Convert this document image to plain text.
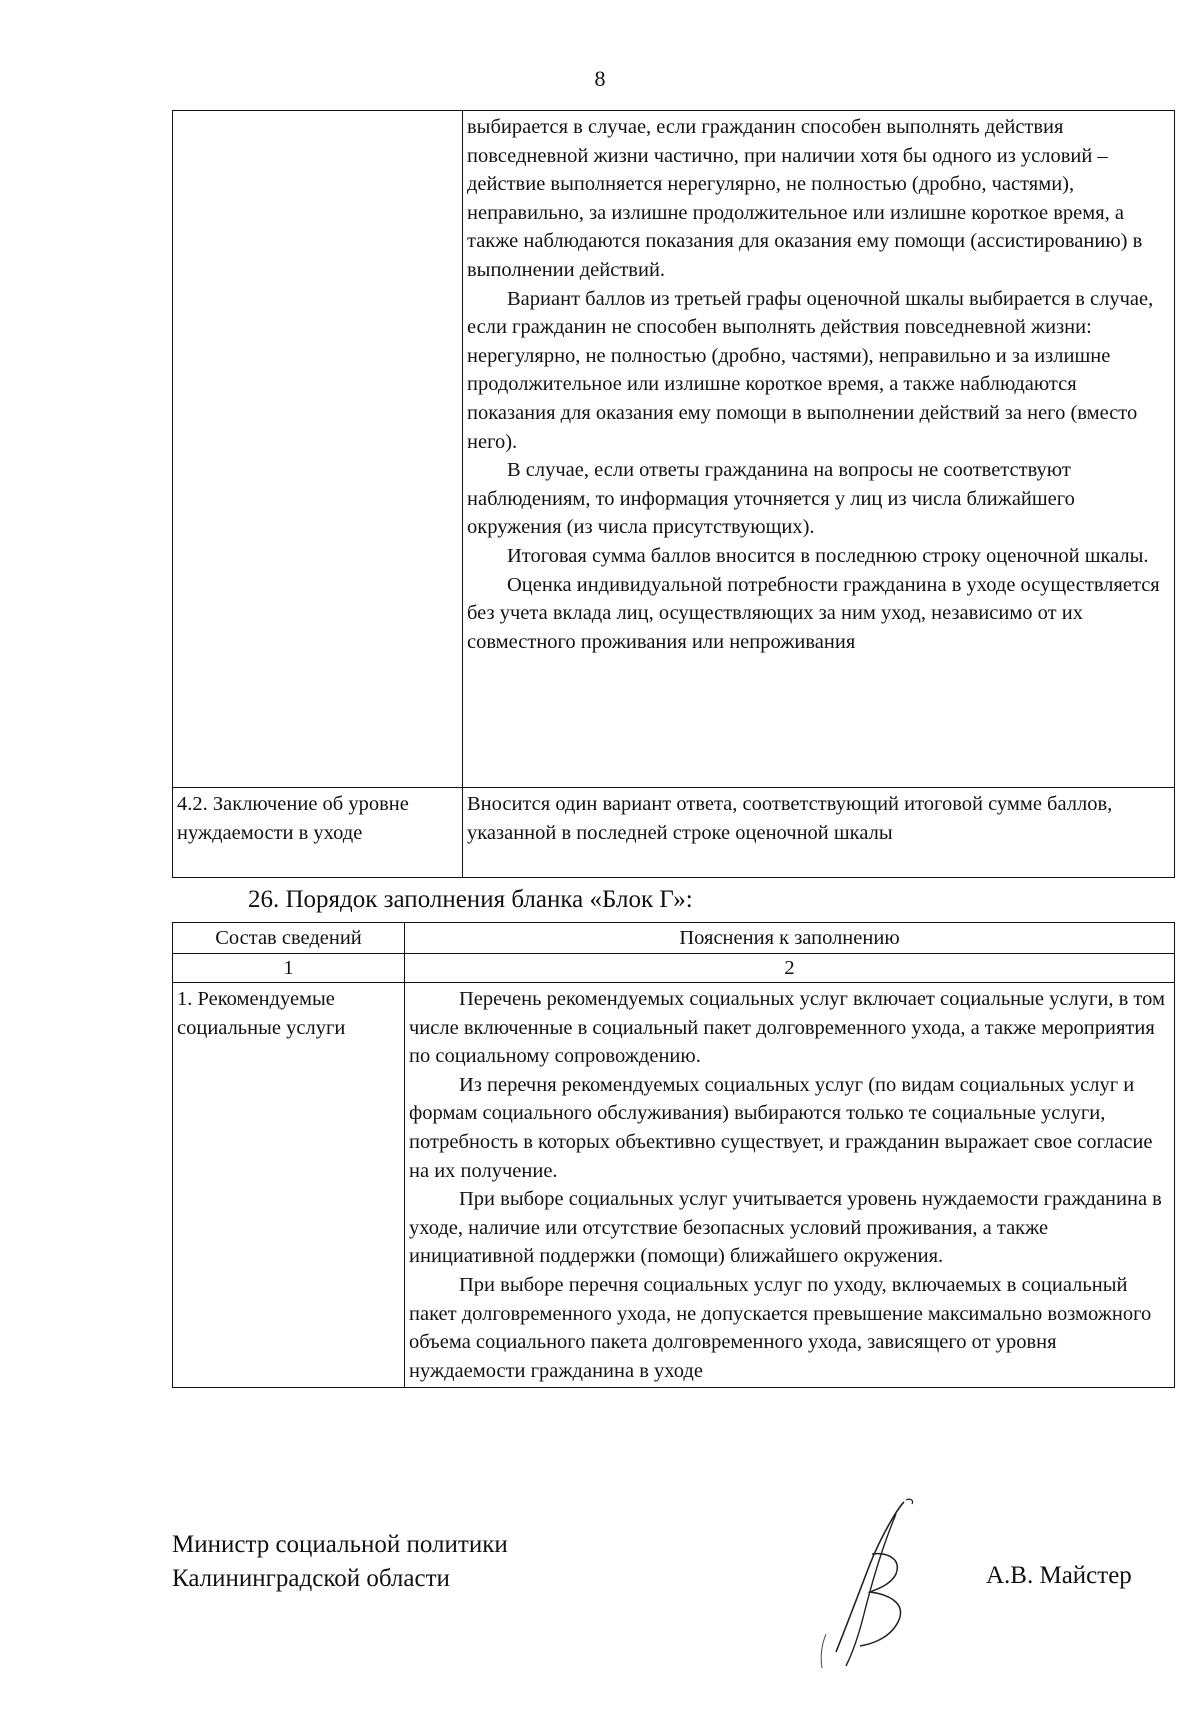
8

	выбирается в случае, если гражданин способен выполнять действия повседневной жизни частично, при наличии хотя бы одного из условий – действие выполняется нерегулярно, не полностью (дробно, частями), неправильно, за излишне продолжительное или излишне короткое время, а также наблюдаются показания для оказания ему помощи (ассистированию) в выполнении действий.

Вариант баллов из третьей графы оценочной шкалы выбирается в случае, если гражданин не способен выполнять действия повседневной жизни: нерегулярно, не полностью (дробно, частями), неправильно и за излишне продолжительное или излишне короткое время, а также наблюдаются показания для оказания ему помощи в выполнении действий за него (вместо него).

В случае, если ответы гражданина на вопросы не соответствуют наблюдениям, то информация уточняется у лиц из числа ближайшего окружения (из числа присутствующих).

Итоговая сумма баллов вносится в последнюю строку оценочной шкалы.

Оценка индивидуальной потребности гражданина в уходе осуществляется без учета вклада лиц, осуществляющих за ним уход, независимо от их совместного проживания или непроживания

4.2. Заключение об уровне нуждаемости в уходе	Вносится один вариант ответа, соответствующий итоговой сумме баллов, указанной в последней строке оценочной шкалы
26. Порядок заполнения бланка «Блок Г»:
Состав сведений	Пояснения к заполнению
1	2
1. Рекомендуемые социальные услуги	Перечень рекомендуемых социальных услуг включает социальные услуги, в том числе включенные в социальный пакет долговременного ухода, а также мероприятия по социальному сопровождению.

Из перечня рекомендуемых социальных услуг (по видам социальных услуг и формам социального обслуживания) выбираются только те социальные услуги, потребность в которых объективно существует, и гражданин выражает свое согласие на их получение.

При выборе социальных услуг учитывается уровень нуждаемости гражданина в уходе, наличие или отсутствие безопасных условий проживания, а также инициативной поддержки (помощи) ближайшего окружения.

При выборе перечня социальных услуг по уходу, включаемых в социальный пакет долговременного ухода, не допускается превышение максимально возможного объема социального пакета долговременного ухода, зависящего от уровня нуждаемости гражданина в уходе

Министр социальной политики
Калининградской области	А.В. Майстер
